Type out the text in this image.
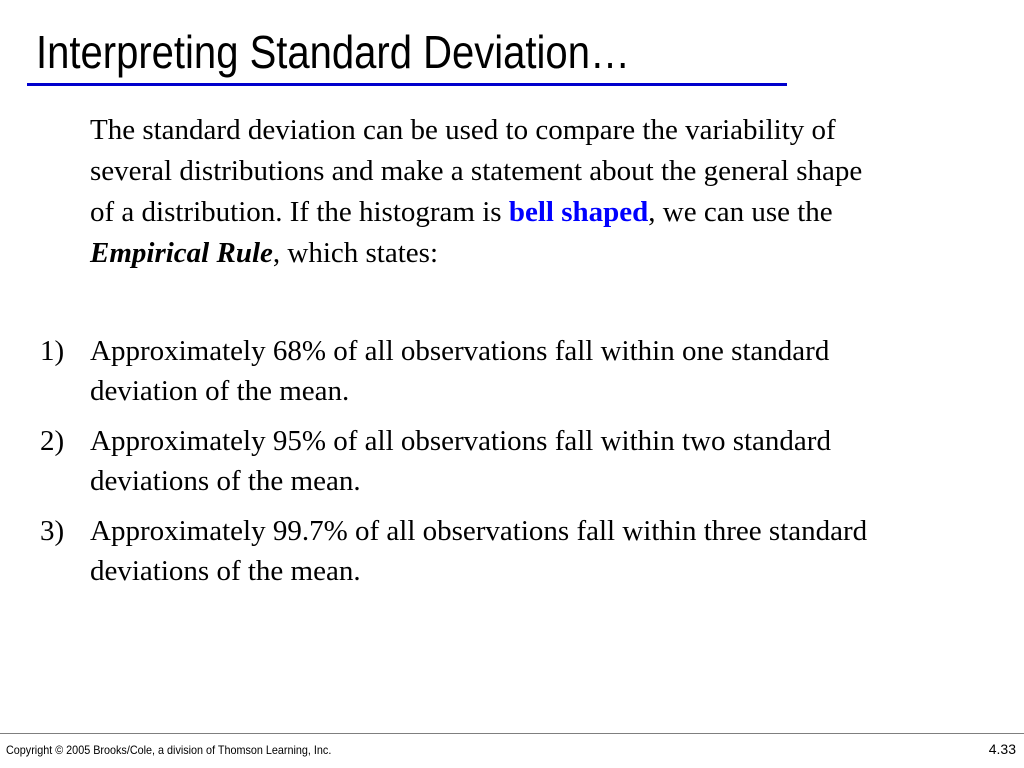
Interpreting Standard Deviation…
The standard deviation can be used to compare the variability of
several distributions and make a statement about the general shape
of a distribution. If the histogram is bell shaped, we can use the
Empirical Rule, which states:
1) Approximately 68% of all observations fall within one standard
deviation of the mean.
2) Approximately 95% of all observations fall within two standard
deviations of the mean.
3) Approximately 99.7% of all observations fall within three standard
deviations of the mean.
Copyright © 2005 Brooks/Cole, a division of Thomson Learning, Inc.	4.33
